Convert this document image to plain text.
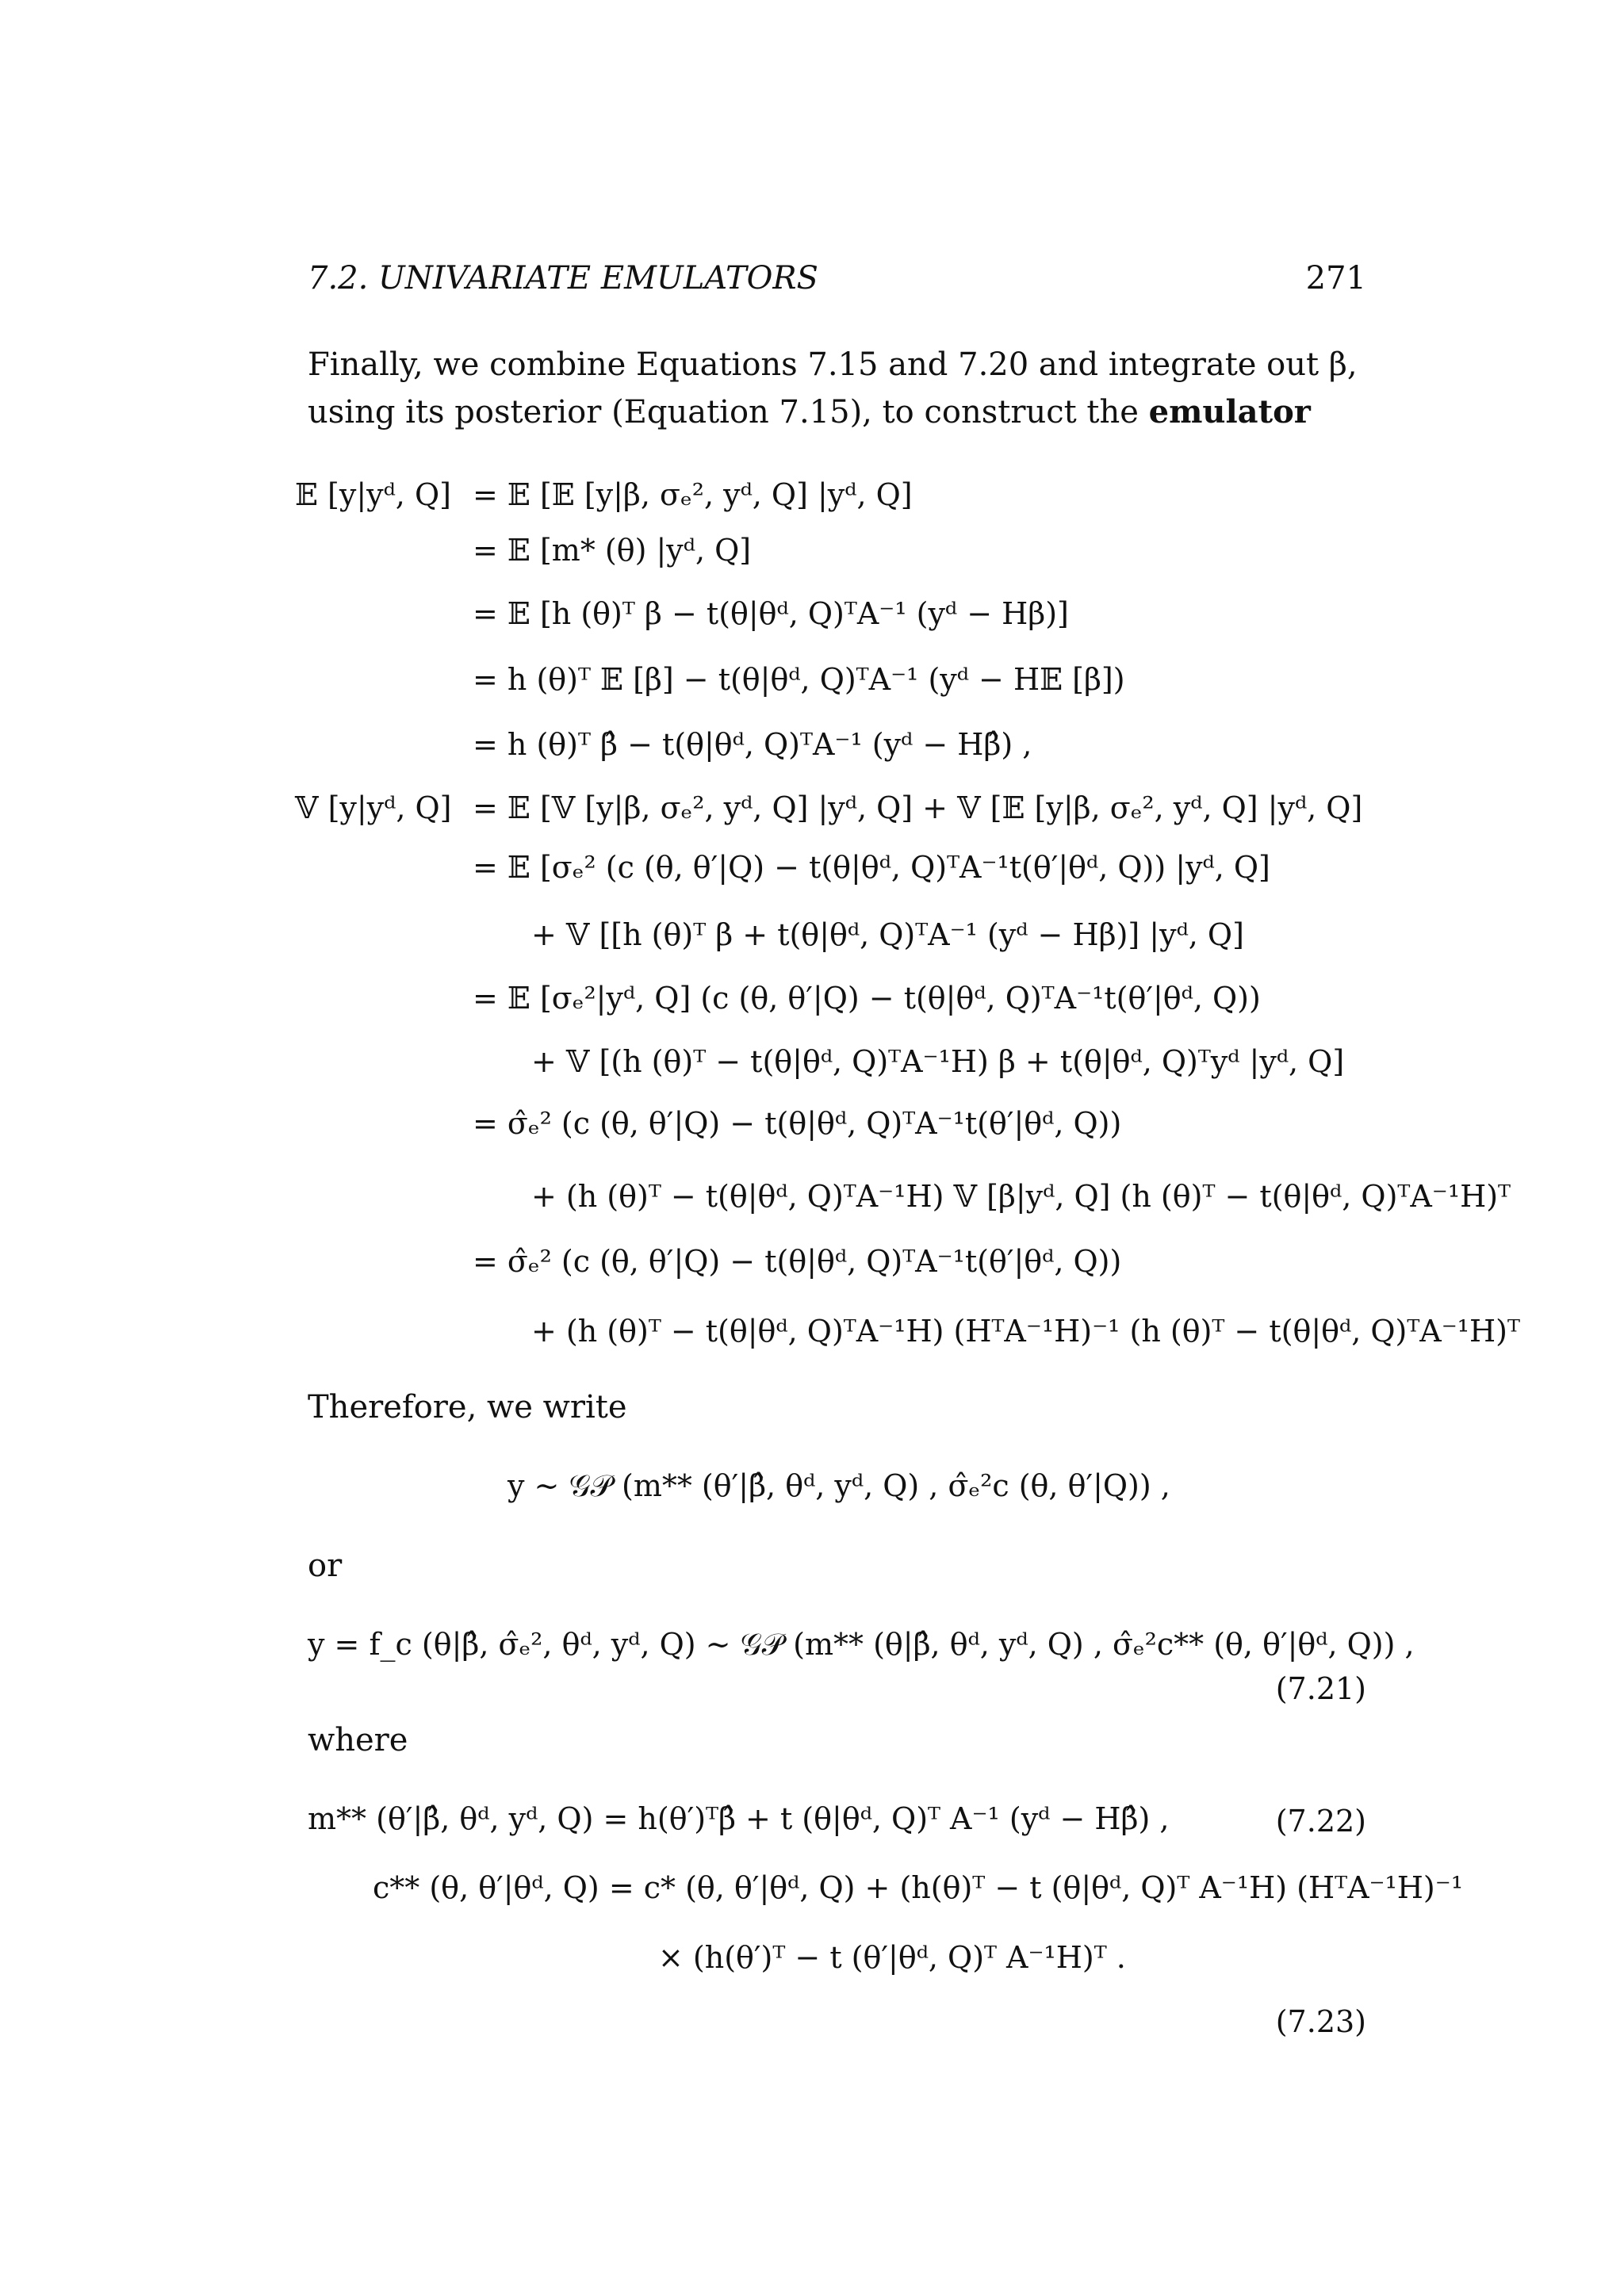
7.2. UNIVARIATE EMULATORS	271
Finally, we combine Equations 7.15 and 7.20 and integrate out β, using its posterior (Equation 7.15), to construct the emulator
𝔼 [y|yᵈ, Q] = 𝔼 [𝔼 [y|β, σₑ², yᵈ, Q] |yᵈ, Q]
= 𝔼 [m* (θ) |yᵈ, Q]
= 𝔼 [h (θ)ᵀ β − t(θ|θᵈ, Q)ᵀA⁻¹ (yᵈ − Hβ)]
= h (θ)ᵀ 𝔼 [β] − t(θ|θᵈ, Q)ᵀA⁻¹ (yᵈ − H𝔼 [β])
= h (θ)ᵀ β̂ − t(θ|θᵈ, Q)ᵀA⁻¹ (yᵈ − Hβ̂) ,
𝕍 [y|yᵈ, Q] = 𝔼 [𝕍 [y|β, σₑ², yᵈ, Q] |yᵈ, Q] + 𝕍 [𝔼 [y|β, σₑ², yᵈ, Q] |yᵈ, Q]
= 𝔼 [σₑ² (c (θ, θ′|Q) − t(θ|θᵈ, Q)ᵀA⁻¹t(θ′|θᵈ, Q)) |yᵈ, Q]
+ 𝕍 [[h (θ)ᵀ β + t(θ|θᵈ, Q)ᵀA⁻¹ (yᵈ − Hβ)] |yᵈ, Q]
= 𝔼 [σₑ²|yᵈ, Q] (c (θ, θ′|Q) − t(θ|θᵈ, Q)ᵀA⁻¹t(θ′|θᵈ, Q))
+ 𝕍 [(h (θ)ᵀ − t(θ|θᵈ, Q)ᵀA⁻¹H) β + t(θ|θᵈ, Q)ᵀyᵈ |yᵈ, Q]
= σ̂ₑ² (c (θ, θ′|Q) − t(θ|θᵈ, Q)ᵀA⁻¹t(θ′|θᵈ, Q))
+ (h (θ)ᵀ − t(θ|θᵈ, Q)ᵀA⁻¹H) 𝕍 [β|yᵈ, Q] (h (θ)ᵀ − t(θ|θᵈ, Q)ᵀA⁻¹H)ᵀ
= σ̂ₑ² (c (θ, θ′|Q) − t(θ|θᵈ, Q)ᵀA⁻¹t(θ′|θᵈ, Q))
+ (h (θ)ᵀ − t(θ|θᵈ, Q)ᵀA⁻¹H) (HᵀA⁻¹H)⁻¹ (h (θ)ᵀ − t(θ|θᵈ, Q)ᵀA⁻¹H)ᵀ
Therefore, we write
y ∼ 𝒢𝒫 (m** (θ′|β̂, θᵈ, yᵈ, Q) , σ̂ₑ²c (θ, θ′|Q)) ,
or
y = f_c (θ|β̂, σ̂ₑ², θᵈ, yᵈ, Q) ∼ 𝒢𝒫 (m** (θ|β̂, θᵈ, yᵈ, Q) , σ̂ₑ²c** (θ, θ′|θᵈ, Q)) ,
(7.21)
where
m** (θ′|β̂, θᵈ, yᵈ, Q) = h(θ′)ᵀβ̂ + t (θ|θᵈ, Q)ᵀ A⁻¹ (yᵈ − Hβ̂) ,	(7.22)
c** (θ, θ′|θᵈ, Q) = c* (θ, θ′|θᵈ, Q) + (h(θ)ᵀ − t (θ|θᵈ, Q)ᵀ A⁻¹H) (HᵀA⁻¹H)⁻¹
× (h(θ′)ᵀ − t (θ′|θᵈ, Q)ᵀ A⁻¹H)ᵀ .
(7.23)
